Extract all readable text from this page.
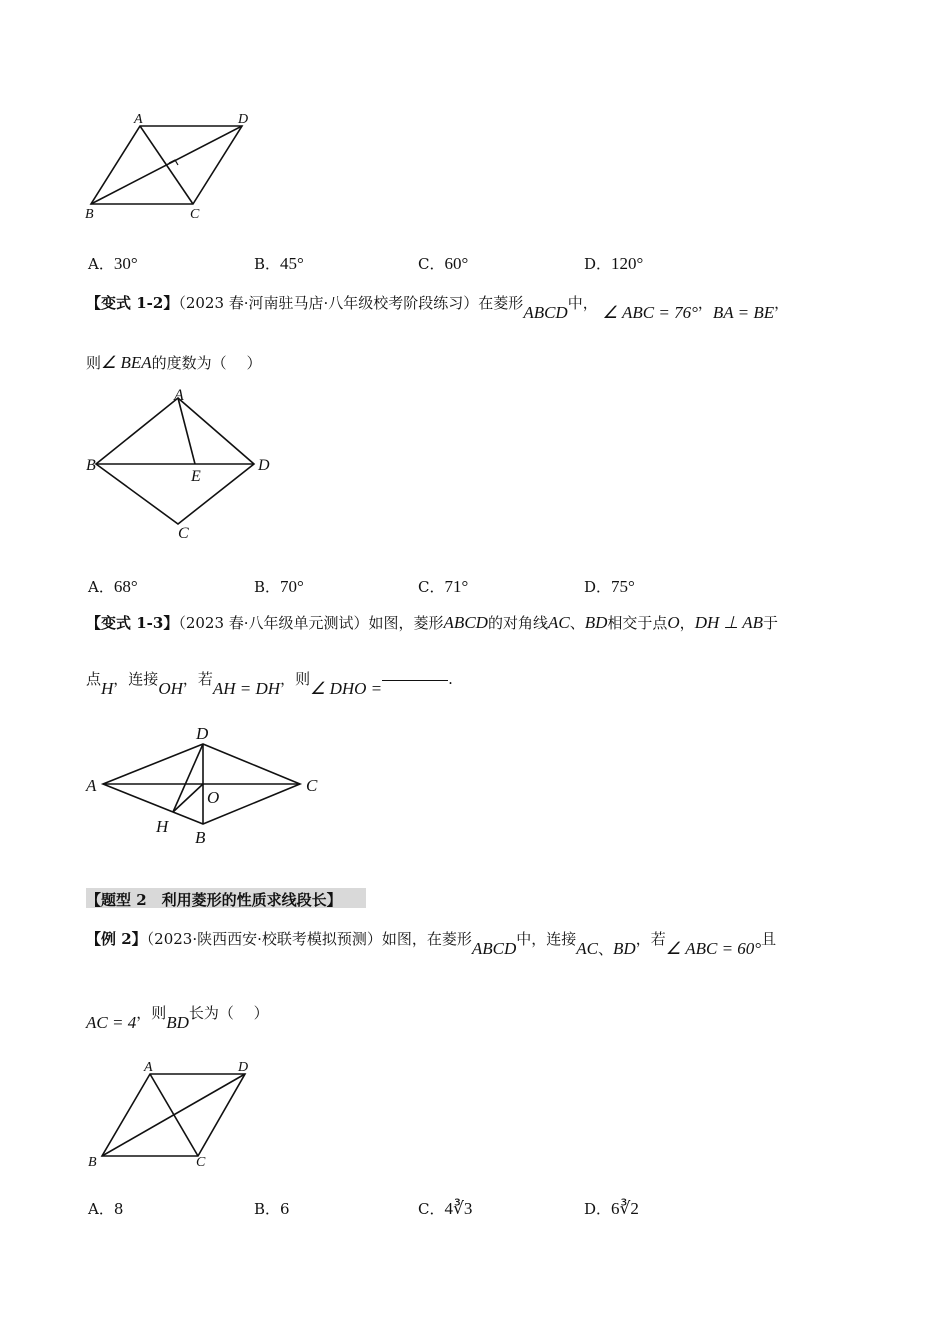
A	D
B	C
A．30°	B．45°	C．60°	D．120°
【变式 1-2】（2023 春·河南驻马店·八年级校考阶段练习）在菱形ABCD中， ∠ ABC = 76°，BA = BE，
则∠ BEA的度数为（　 ）
A
B
E
D
C
A．68°	B．70°	C．71°	D．75°
【变式 1-3】（2023 春·八年级单元测试）如图，菱形ABCD的对角线AC、BD相交于点O，DH ⊥ AB于
点H，连接OH，若AH = DH，则∠ DHO =	.
D
A
O
C
H
B
【题型 2　利用菱形的性质求线段长】
【例 2】（2023·陕西西安·校联考模拟预测）如图，在菱形ABCD中，连接AC、BD，若∠ ABC = 60°且
AC = 4，则BD长为（　 ）
A	D
B	C
A．8	B．6	C．4∛3	D．6∛2
